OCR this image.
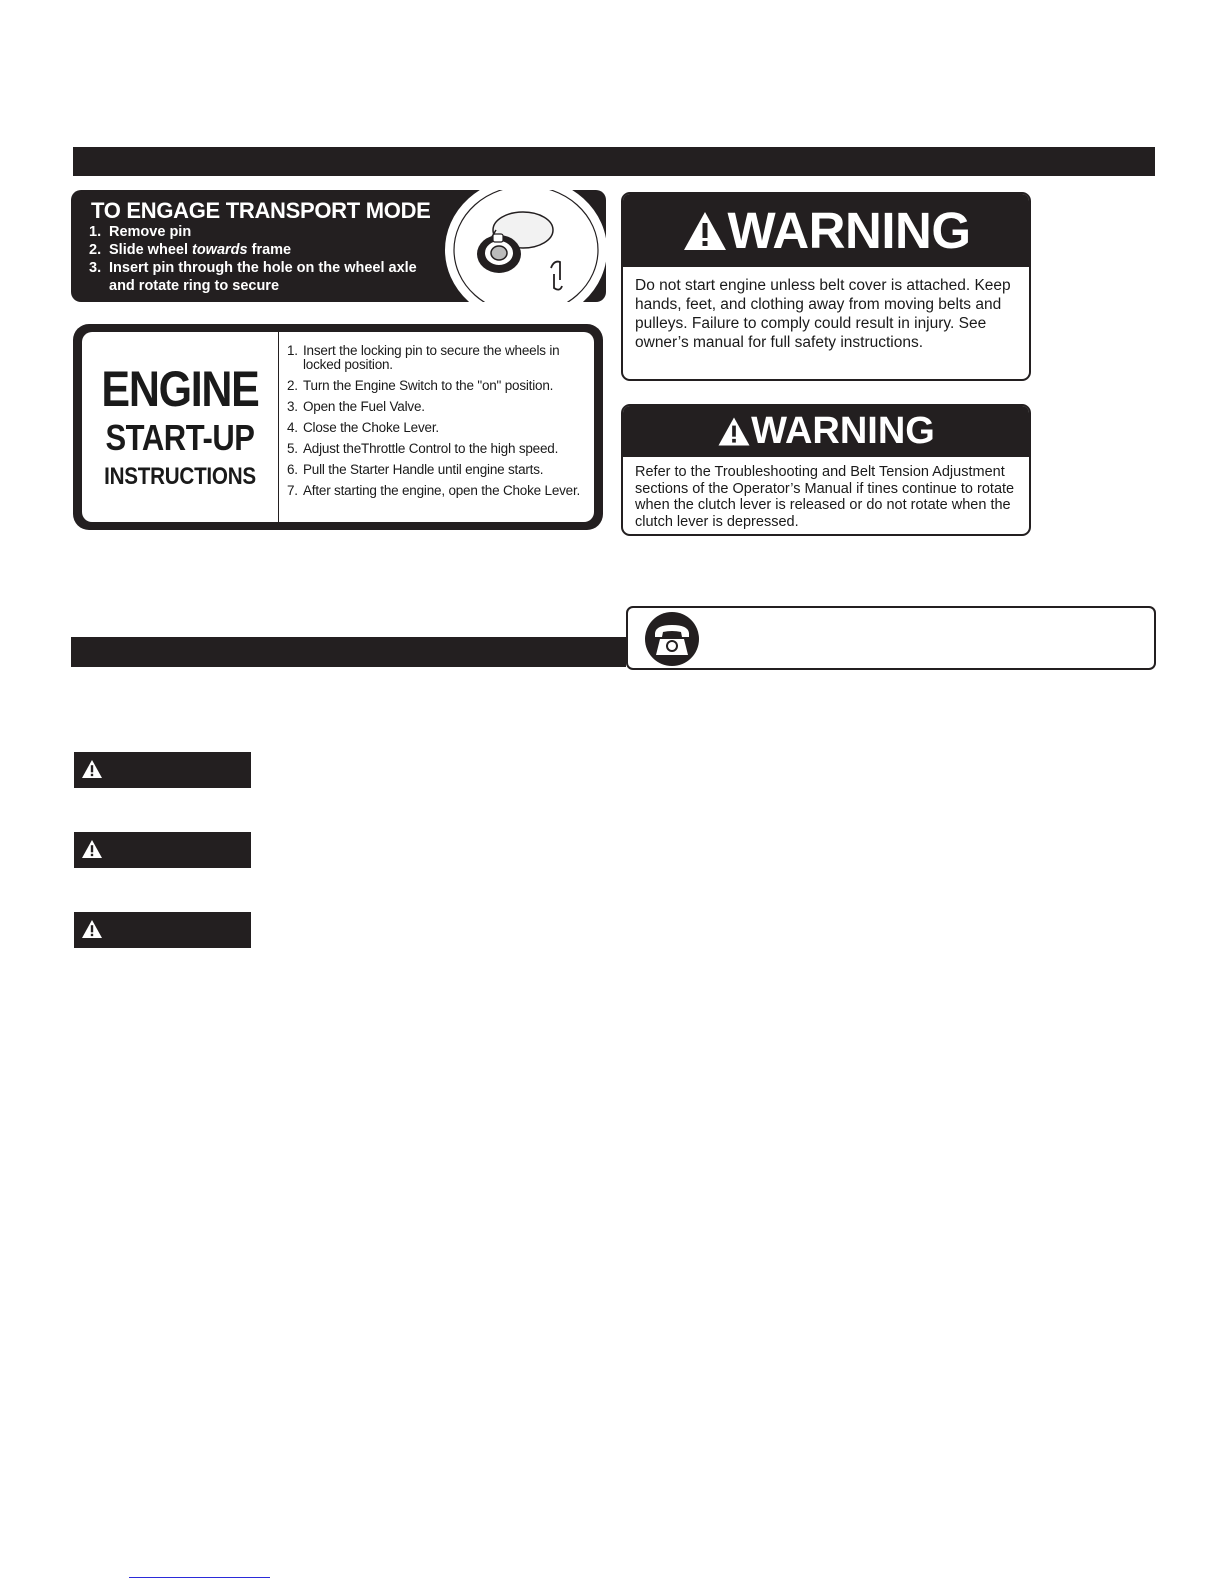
TO ENGAGE TRANSPORT MODE
1. Remove pin
2. Slide wheel towards frame
3. Insert pin through the hole on the wheel axle and rotate ring to secure
ENGINE
START-UP
INSTRUCTIONS
1. Insert the locking pin to secure the wheels in locked position.
2. Turn the Engine Switch to the "on" position.
3. Open the Fuel Valve.
4. Close the Choke Lever.
5. Adjust theThrottle Control to the high speed.
6. Pull the Starter Handle until engine starts.
7. After starting the engine, open the Choke Lever.
WARNING
Do not start engine unless belt cover is attached. Keep hands, feet, and clothing away from moving belts and pulleys. Failure to comply could result in injury. See owner’s manual for full safety instructions.
WARNING
Refer to the Troubleshooting and Belt Tension Adjustment sections of the Operator’s Manual if tines continue to rotate when the clutch lever is released or do not rotate when the clutch lever is depressed.
